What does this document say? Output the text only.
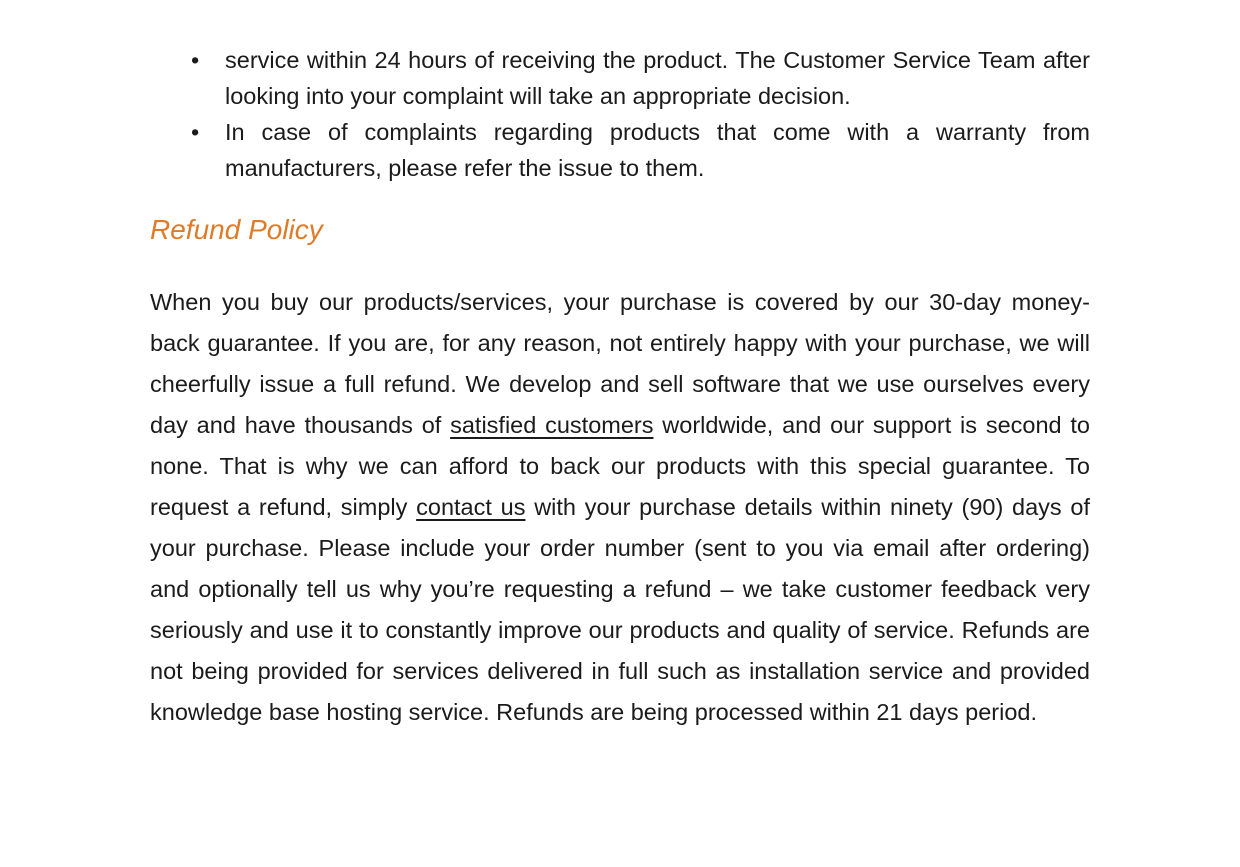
• service within 24 hours of receiving the product. The Customer Service Team after looking into your complaint will take an appropriate decision.
• In case of complaints regarding products that come with a warranty from manufacturers, please refer the issue to them.
Refund Policy

When you buy our products/services, your purchase is covered by our 30-day money-back guarantee. If you are, for any reason, not entirely happy with your purchase, we will cheerfully issue a full refund. We develop and sell software that we use ourselves every day and have thousands of satisfied customers worldwide, and our support is second to none. That is why we can afford to back our products with this special guarantee. To request a refund, simply contact us with your purchase details within ninety (90) days of your purchase. Please include your order number (sent to you via email after ordering) and optionally tell us why you’re requesting a refund – we take customer feedback very seriously and use it to constantly improve our products and quality of service. Refunds are not being provided for services delivered in full such as installation service and provided knowledge base hosting service. Refunds are being processed within 21 days period.
